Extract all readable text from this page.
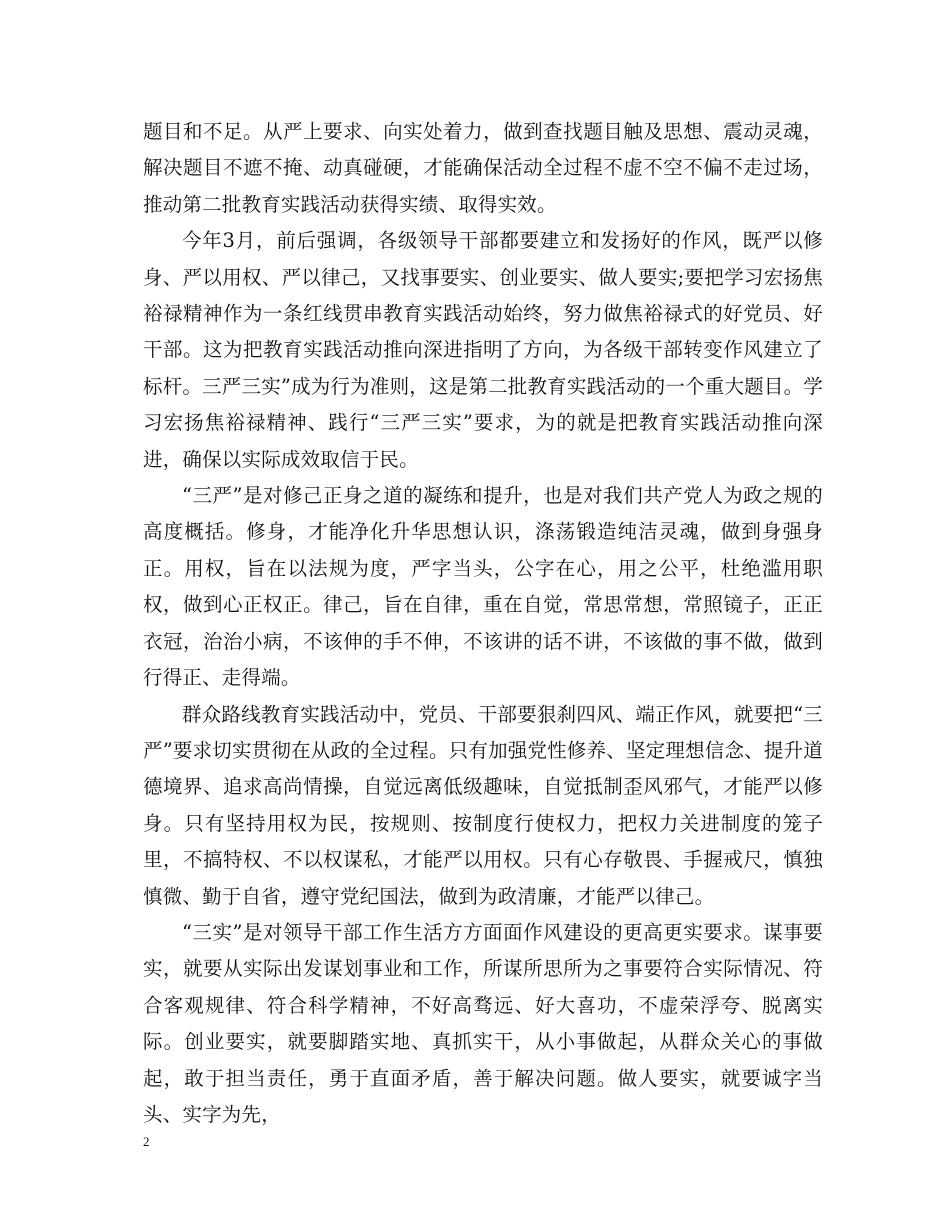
题目和不足。从严上要求、向实处着力，做到查找题目触及思想、震动灵魂，解决题目不遮不掩、动真碰硬，才能确保活动全过程不虚不空不偏不走过场，推动第二批教育实践活动获得实绩、取得实效。

今年3月，前后强调，各级领导干部都要建立和发扬好的作风，既严以修身、严以用权、严以律己，又找事要实、创业要实、做人要实;要把学习宏扬焦裕禄精神作为一条红线贯串教育实践活动始终，努力做焦裕禄式的好党员、好干部。这为把教育实践活动推向深进指明了方向，为各级干部转变作风建立了标杆。三严三实”成为行为准则，这是第二批教育实践活动的一个重大题目。学习宏扬焦裕禄精神、践行“三严三实”要求，为的就是把教育实践活动推向深进，确保以实际成效取信于民。

“三严”是对修己正身之道的凝练和提升，也是对我们共产党人为政之规的高度概括。修身，才能净化升华思想认识，涤荡锻造纯洁灵魂，做到身强身正。用权，旨在以法规为度，严字当头，公字在心，用之公平，杜绝滥用职权，做到心正权正。律己，旨在自律，重在自觉，常思常想，常照镜子，正正衣冠，治治小病，不该伸的手不伸，不该讲的话不讲，不该做的事不做，做到行得正、走得端。

群众路线教育实践活动中，党员、干部要狠刹四风、端正作风，就要把“三严”要求切实贯彻在从政的全过程。只有加强党性修养、坚定理想信念、提升道德境界、追求高尚情操，自觉远离低级趣味，自觉抵制歪风邪气，才能严以修身。只有坚持用权为民，按规则、按制度行使权力，把权力关进制度的笼子里，不搞特权、不以权谋私，才能严以用权。只有心存敬畏、手握戒尺，慎独慎微、勤于自省，遵守党纪国法，做到为政清廉，才能严以律己。

“三实”是对领导干部工作生活方方面面作风建设的更高更实要求。谋事要实，就要从实际出发谋划事业和工作，所谋所思所为之事要符合实际情况、符合客观规律、符合科学精神，不好高骛远、好大喜功，不虚荣浮夸、脱离实际。创业要实，就要脚踏实地、真抓实干，从小事做起，从群众关心的事做起，敢于担当责任，勇于直面矛盾，善于解决问题。做人要实，就要诚字当头、实字为先，

2
